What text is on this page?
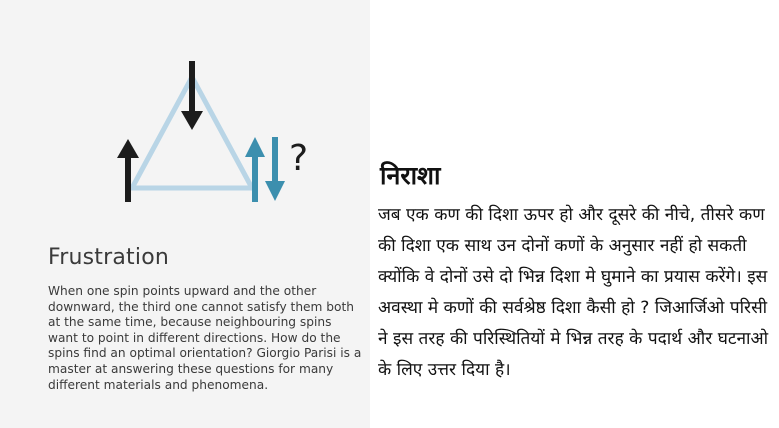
?
Frustration

When one spin points upward and the other downward, the third one cannot satisfy them both at the same time, because neighbouring spins want to point in different directions. How do the spins find an optimal orientation? Giorgio Parisi is a master at answering these questions for many different materials and phenomena.

निराशा

जब एक कण की दिशा ऊपर हो और दूसरे की नीचे, तीसरे कण की दिशा एक साथ उन दोनों कणों के अनुसार नहीं हो सकती क्योंकि वे दोनों उसे दो भिन्न दिशा मे घुमाने का प्रयास करेंगे। इस अवस्था मे कणों की सर्वश्रेष्ठ दिशा कैसी हो ? जिआर्जिओ परिसी ने इस तरह की परिस्थितियों मे भिन्न तरह के पदार्थ और घटनाओ के लिए उत्तर दिया है।
